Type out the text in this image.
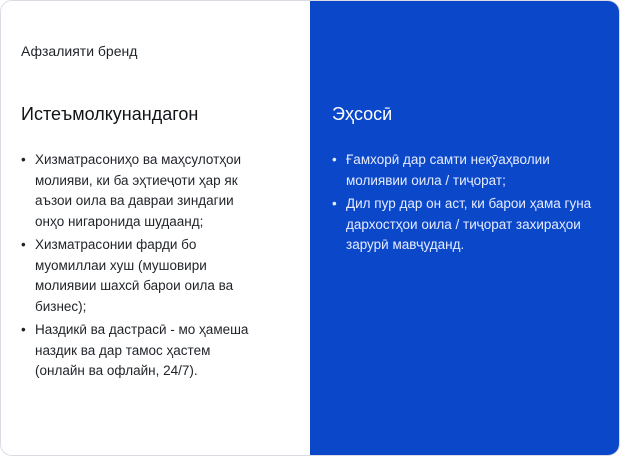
Афзалияти бренд
Истеъмолкунандагон
• Хизматрасониҳо ва маҳсулотҳои молияви, ки ба эҳтиеҷоти ҳар як аъзои оила ва давраи зиндагии онҳо нигаронида шудаанд;
• Хизматрасонии фарди бо муомиллаи хуш (мушовири молиявии шахсӣ барои оила ва бизнес);
• Наздикӣ ва дастрасӣ - мо ҳамеша наздик ва дар тамос ҳастем (онлайн ва офлайн, 24/7).
Эҳсосӣ
• Ғамхорӣ дар самти некӯаҳволии молиявии оила / тиҷорат;
• Дил пур дар он аст, ки барои ҳама гуна дархостҳои оила / тиҷорат захираҳои зарурӣ мавҷуданд.
